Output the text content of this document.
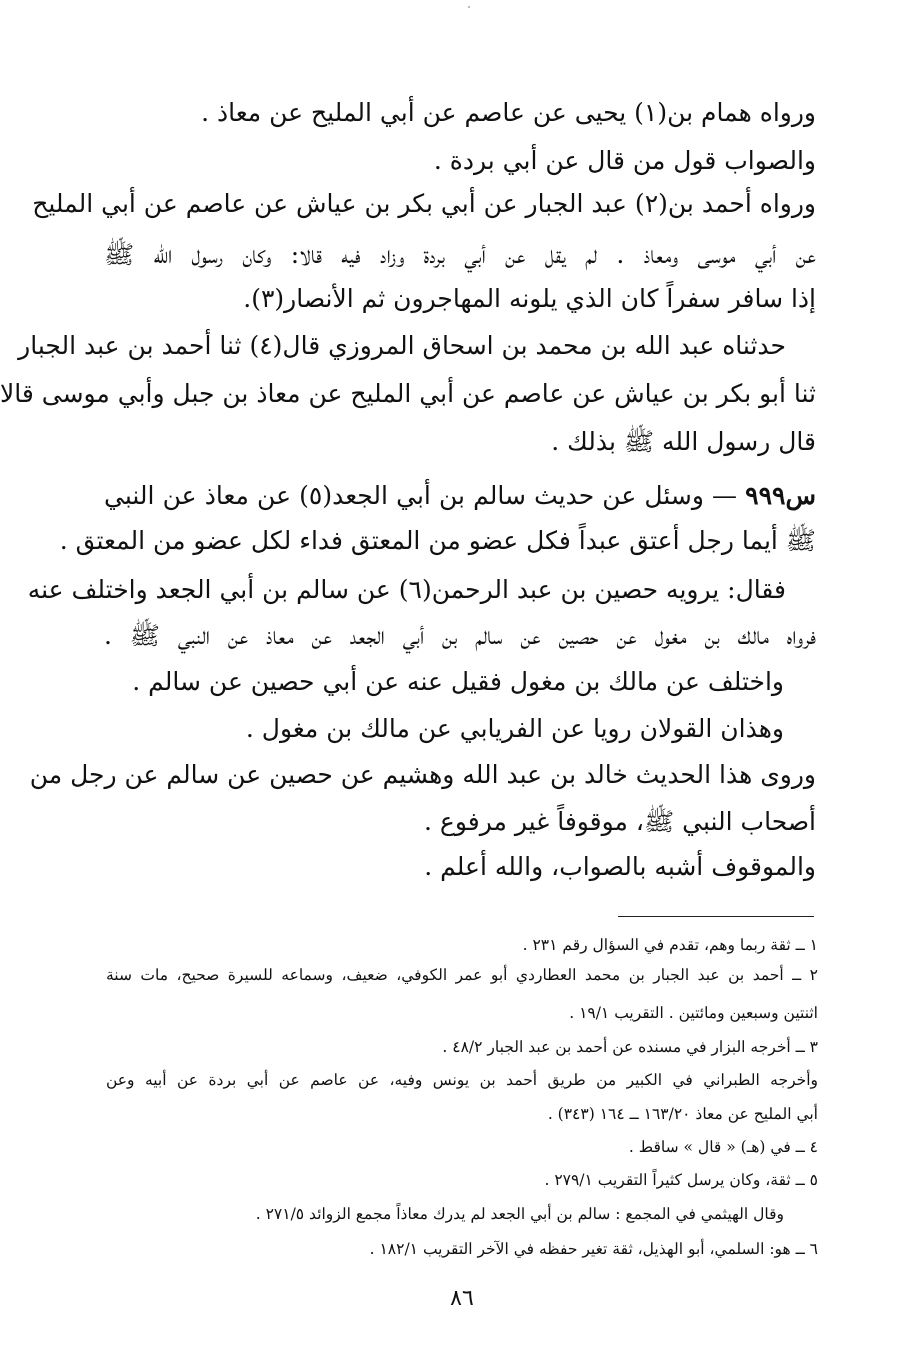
ورواه همام بن(١) يحيى عن عاصم عن أبي المليح عن معاذ .
والصواب قول من قال عن أبي بردة .
ورواه أحمد بن(٢) عبد الجبار عن أبي بكر بن عياش عن عاصم عن أبي المليح
عن أبي موسى ومعاذ . لم يقل عن أبي بردة وزاد فيه قالا: وكان رسول الله ﷺ
إذا سافر سفراً كان الذي يلونه المهاجرون ثم الأنصار(٣).
حدثناه عبد الله بن محمد بن اسحاق المروزي قال(٤) ثنا أحمد بن عبد الجبار
ثنا أبو بكر بن عياش عن عاصم عن أبي المليح عن معاذ بن جبل وأبي موسى قالا
قال رسول الله ﷺ بذلك .
س٩٩٩ — وسئل عن حديث سالم بن أبي الجعد(٥) عن معاذ عن النبي
ﷺ أيما رجل أعتق عبداً فكل عضو من المعتق فداء لكل عضو من المعتق .
فقال: يرويه حصين بن عبد الرحمن(٦) عن سالم بن أبي الجعد واختلف عنه
فرواه مالك بن مغول عن حصين عن سالم بن أبي الجعد عن معاذ عن النبي ﷺ .
واختلف عن مالك بن مغول فقيل عنه عن أبي حصين عن سالم .
وهذان القولان رويا عن الفريابي عن مالك بن مغول .
وروى هذا الحديث خالد بن عبد الله وهشيم عن حصين عن سالم عن رجل من
أصحاب النبي ﷺ، موقوفاً غير مرفوع .
والموقوف أشبه بالصواب، والله أعلم .
١ ــ ثقة ربما وهم، تقدم في السؤال رقم ٢٣١ .
٢ ــ أحمد بن عبد الجبار بن محمد العطاردي أبو عمر الكوفي، ضعيف، وسماعه للسيرة صحيح، مات سنة
اثنتين وسبعين ومائتين . التقريب ١٩/١ .
٣ ــ أخرجه البزار في مسنده عن أحمد بن عبد الجبار ٤٨/٢ .
وأخرجه الطبراني في الكبير من طريق أحمد بن يونس وفيه، عن عاصم عن أبي بردة عن أبيه وعن
أبي المليح عن معاذ ١٦٣/٢٠ ــ ١٦٤ (٣٤٣) .
٤ ــ في (هـ) « قال » ساقط .
٥ ــ ثقة، وكان يرسل كثيراً التقريب ٢٧٩/١ .
وقال الهيثمي في المجمع : سالم بن أبي الجعد لم يدرك معاذاً مجمع الزوائد ٢٧١/٥ .
٦ ــ هو: السلمي، أبو الهذيل، ثقة تغير حفظه في الآخر التقريب ١٨٢/١ .
٨٦
